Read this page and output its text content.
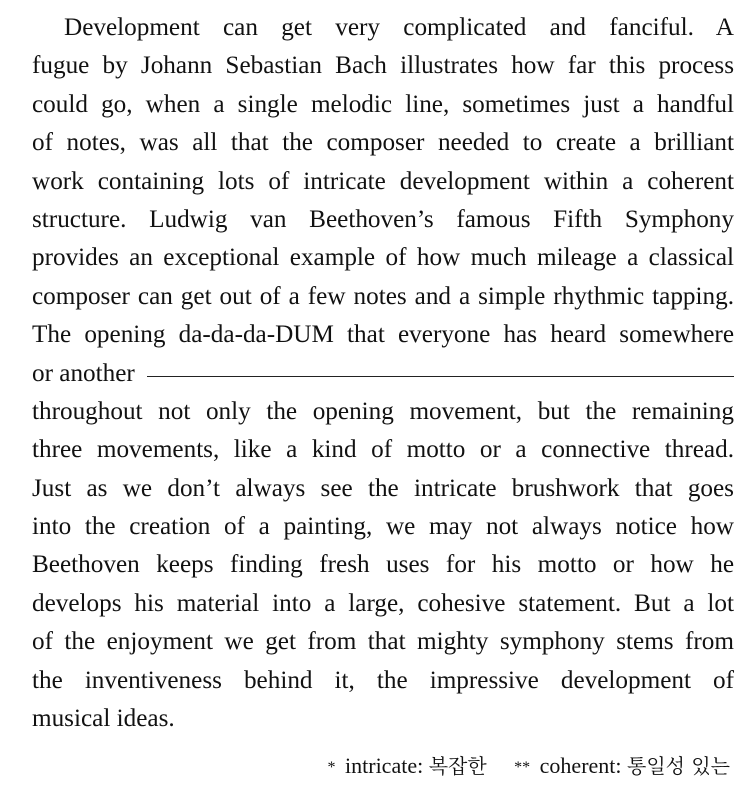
Development can get very complicated and fanciful. A
fugue by Johann Sebastian Bach illustrates how far this process
could go, when a single melodic line, sometimes just a handful
of notes, was all that the composer needed to create a brilliant
work containing lots of intricate development within a coherent
structure. Ludwig van Beethoven’s famous Fifth Symphony
provides an exceptional example of how much mileage a classical
composer can get out of a few notes and a simple rhythmic tapping.
The opening da-da-da-DUM that everyone has heard somewhere
or another
throughout not only the opening movement, but the remaining
three movements, like a kind of motto or a connective thread.
Just as we don’t always see the intricate brushwork that goes
into the creation of a painting, we may not always notice how
Beethoven keeps finding fresh uses for his motto or how he
develops his material into a large, cohesive statement. But a lot
of the enjoyment we get from that mighty symphony stems from
the inventiveness behind it, the impressive development of
musical ideas.
* intricate: 복잡한 ** coherent: 통일성 있는
